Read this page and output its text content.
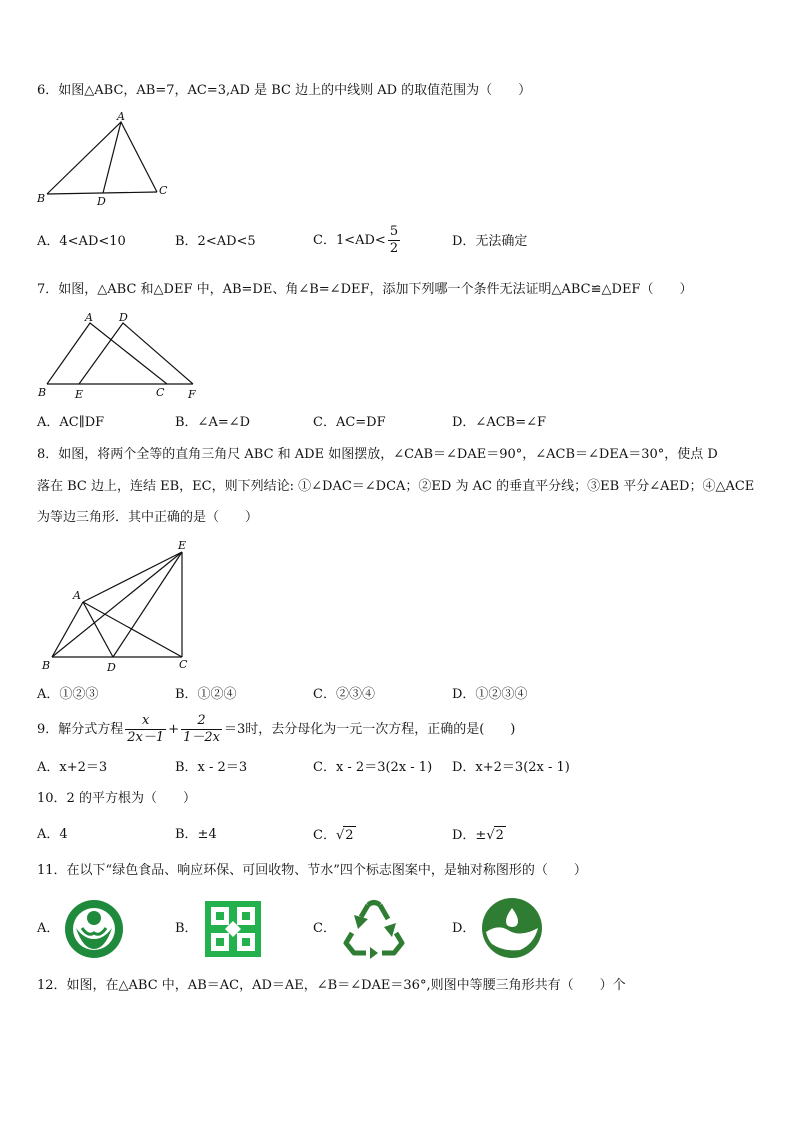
6．如图△ABC，AB=7，AC=3,AD 是 BC 边上的中线则 AD 的取值范围为（　　）
A
B	D
C
A．4<AD<10	B．2<AD<5	C．$1<AD< \frac{5}{2}$	D．无法确定
7．如图，△ABC 和△DEF 中，AB=DE、角∠B=∠DEF，添加下列哪一个条件无法证明△ABC≌△DEF（　　）
A D
B	E	C F
A．AC∥DF	B．∠A=∠D	C．AC=DF	D．∠ACB=∠F
8．如图，将两个全等的直角三角尺 ABC 和 ADE 如图摆放，∠CAB＝∠DAE＝90°，∠ACB＝∠DEA＝30°，使点 D
落在 BC 边上，连结 EB，EC，则下列结论: ①∠DAC＝∠DCA；②ED 为 AC 的垂直平分线；③EB 平分∠AED；④△ACE
为等边三角形．其中正确的是（　　）
E
A
B	D	C
A．①②③	B．①②④	C．②③④	D．①②③④
9．解分式方程 $\frac{x}{2x-1} + \frac{2}{1-2x} =3$时，去分母化为一元一次方程，正确的是(　　)
A．x+2＝3	B．x - 2＝3	C．x - 2＝3(2x - 1) D．x+2＝3(2x - 1)
10．2 的平方根为（　　）
A．4	B．±4	C．√2	D．±√2
11．在以下“绿色食品、响应环保、可回收物、节水”四个标志图案中，是轴对称图形的（　　）
A．	B．	C．	D．
12．如图，在△ABC 中，AB＝AC，AD＝AE，∠B＝∠DAE＝36°,则图中等腰三角形共有（　　）个
